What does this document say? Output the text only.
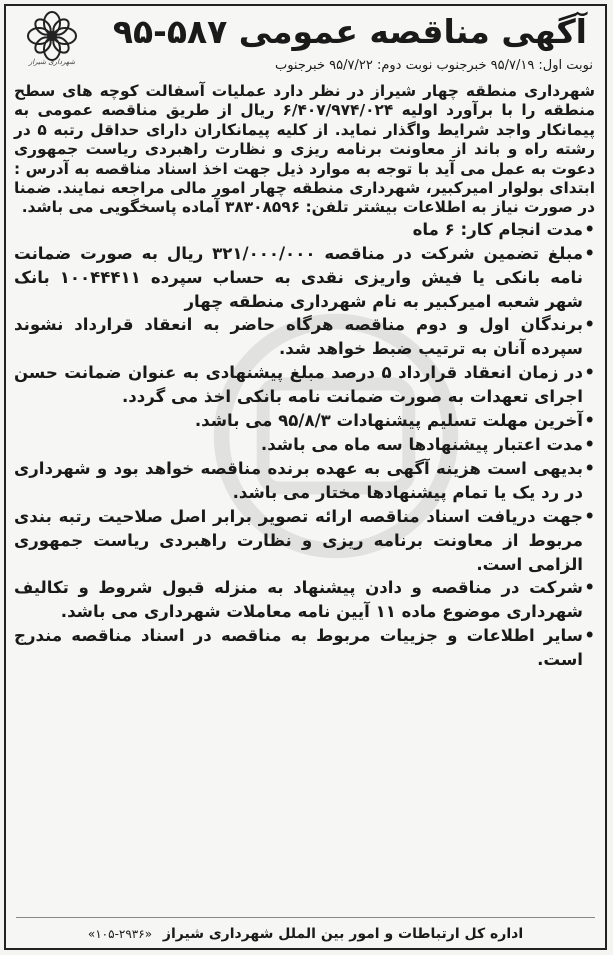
آگهی مناقصه عمومی ۵۸۷-۹۵
شهرداری شیراز	نوبت اول: ۹۵/۷/۱۹ خبرجنوب نوبت دوم: ۹۵/۷/۲۲ خبرجنوب

شهرداری منطقه چهار شیراز در نظر دارد عملیات آسفالت کوچه های سطح منطقه را با برآورد اولیه ۶/۴۰۷/۹۷۴/۰۲۴ ریال از طریق مناقصه عمومی به پیمانکار واجد شرایط واگذار نماید. از کلیه پیمانکاران دارای حداقل رتبه ۵ در رشته راه و باند از معاونت برنامه ریزی و نظارت راهبردی ریاست جمهوری دعوت به عمل می آید با توجه به موارد ذیل جهت اخذ اسناد مناقصه به آدرس : ابتدای بولوار امیرکبیر، شهرداری منطقه چهار امور مالی مراجعه نمایند. ضمنا در صورت نیاز به اطلاعات بیشتر تلفن: ۳۸۳۰۸۵۹۶ آماده پاسخگویی می باشد.

• مدت انجام کار: ۶ ماه
• مبلغ تضمین شرکت در مناقصه ۳۲۱/۰۰۰/۰۰۰ ریال به صورت ضمانت نامه بانکی یا فیش واریزی نقدی به حساب سپرده ۱۰۰۴۴۴۱۱ بانک شهر شعبه امیرکبیر به نام شهرداری منطقه چهار
• برندگان اول و دوم مناقصه هرگاه حاضر به انعقاد قرارداد نشوند سپرده آنان به ترتیب ضبط خواهد شد.
• در زمان انعقاد قرارداد ۵ درصد مبلغ پیشنهادی به عنوان ضمانت حسن اجرای تعهدات به صورت ضمانت نامه بانکی اخذ می گردد.
• آخرین مهلت تسلیم پیشنهادات ۹۵/۸/۳ می باشد.
• مدت اعتبار پیشنهادها سه ماه می باشد.
• بدیهی است هزینه آگهی به عهده برنده مناقصه خواهد بود و شهرداری در رد یک یا تمام پیشنهادها مختار می باشد.
• جهت دریافت اسناد مناقصه ارائه تصویر برابر اصل صلاحیت رتبه بندی مربوط از معاونت برنامه ریزی و نظارت راهبردی ریاست جمهوری الزامی است.
• شرکت در مناقصه و دادن پیشنهاد به منزله قبول شروط و تکالیف شهرداری موضوع ماده ۱۱ آیین نامه معاملات شهرداری می باشد.
• سایر اطلاعات و جزییات مربوط به مناقصه در اسناد مناقصه مندرج است.
اداره کل ارتباطات و امور بین الملل شهرداری شیراز «۲۹۳۶-۱۰۵»
